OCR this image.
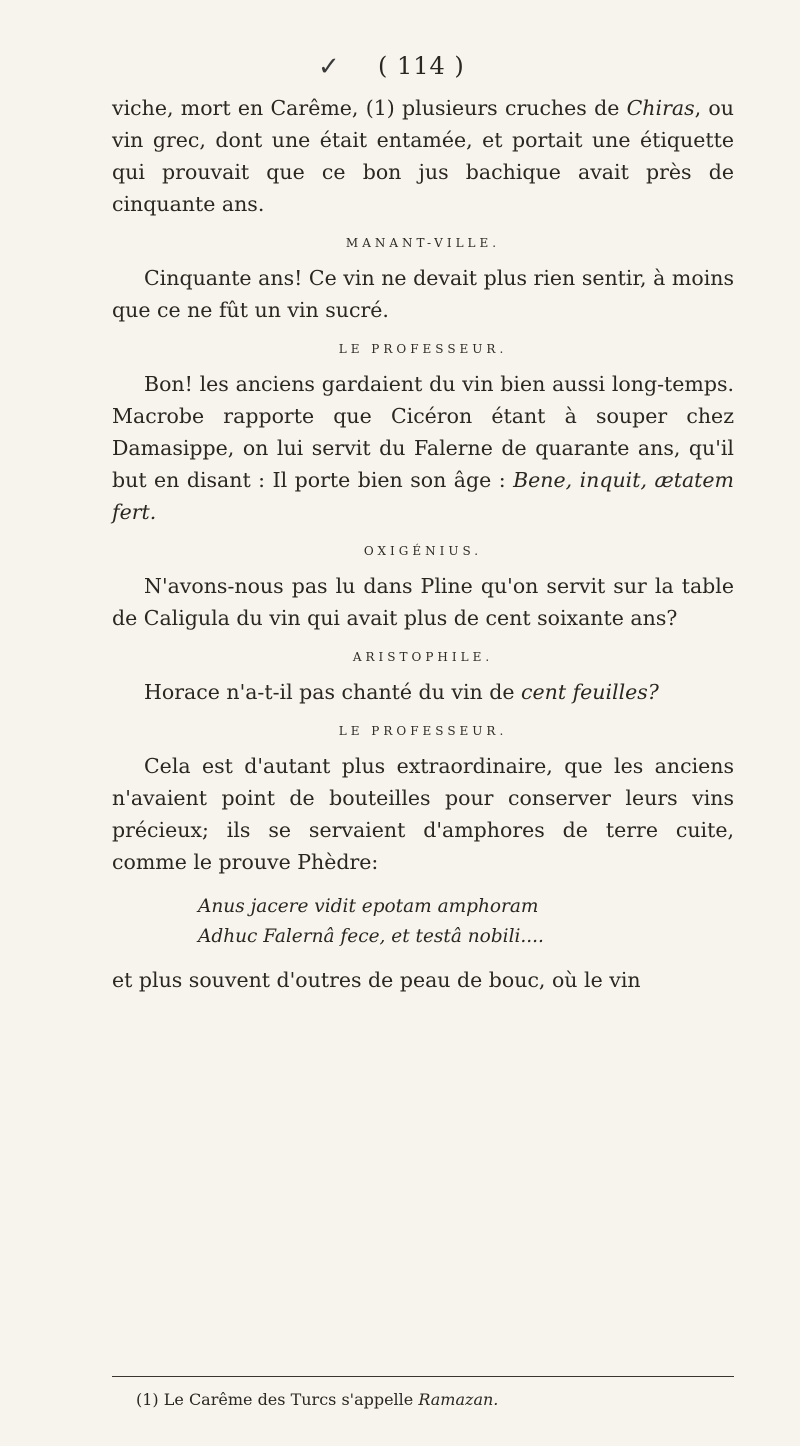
✓ ( 114 )

viche, mort en Carême, (1) plusieurs cruches de Chiras, ou vin grec, dont une était entamée, et portait une étiquette qui prouvait que ce bon jus bachique avait près de cinquante ans.

MANANT-VILLE.

Cinquante ans! Ce vin ne devait plus rien sentir, à moins que ce ne fût un vin sucré.

LE PROFESSEUR.

Bon! les anciens gardaient du vin bien aussi long-temps. Macrobe rapporte que Cicéron étant à souper chez Damasippe, on lui servit du Falerne de quarante ans, qu'il but en disant : Il porte bien son âge : Bene, inquit, ætatem fert.

OXIGÉNIUS.

N'avons-nous pas lu dans Pline qu'on servit sur la table de Caligula du vin qui avait plus de cent soixante ans?

ARISTOPHILE.

Horace n'a-t-il pas chanté du vin de cent feuilles?

LE PROFESSEUR.

Cela est d'autant plus extraordinaire, que les anciens n'avaient point de bouteilles pour conserver leurs vins précieux; ils se servaient d'amphores de terre cuite, comme le prouve Phèdre:

Anus jacere vidit epotam amphoram
Adhuc Falernâ fece, et testâ nobili....

et plus souvent d'outres de peau de bouc, où le vin

(1) Le Carême des Turcs s'appelle Ramazan.
